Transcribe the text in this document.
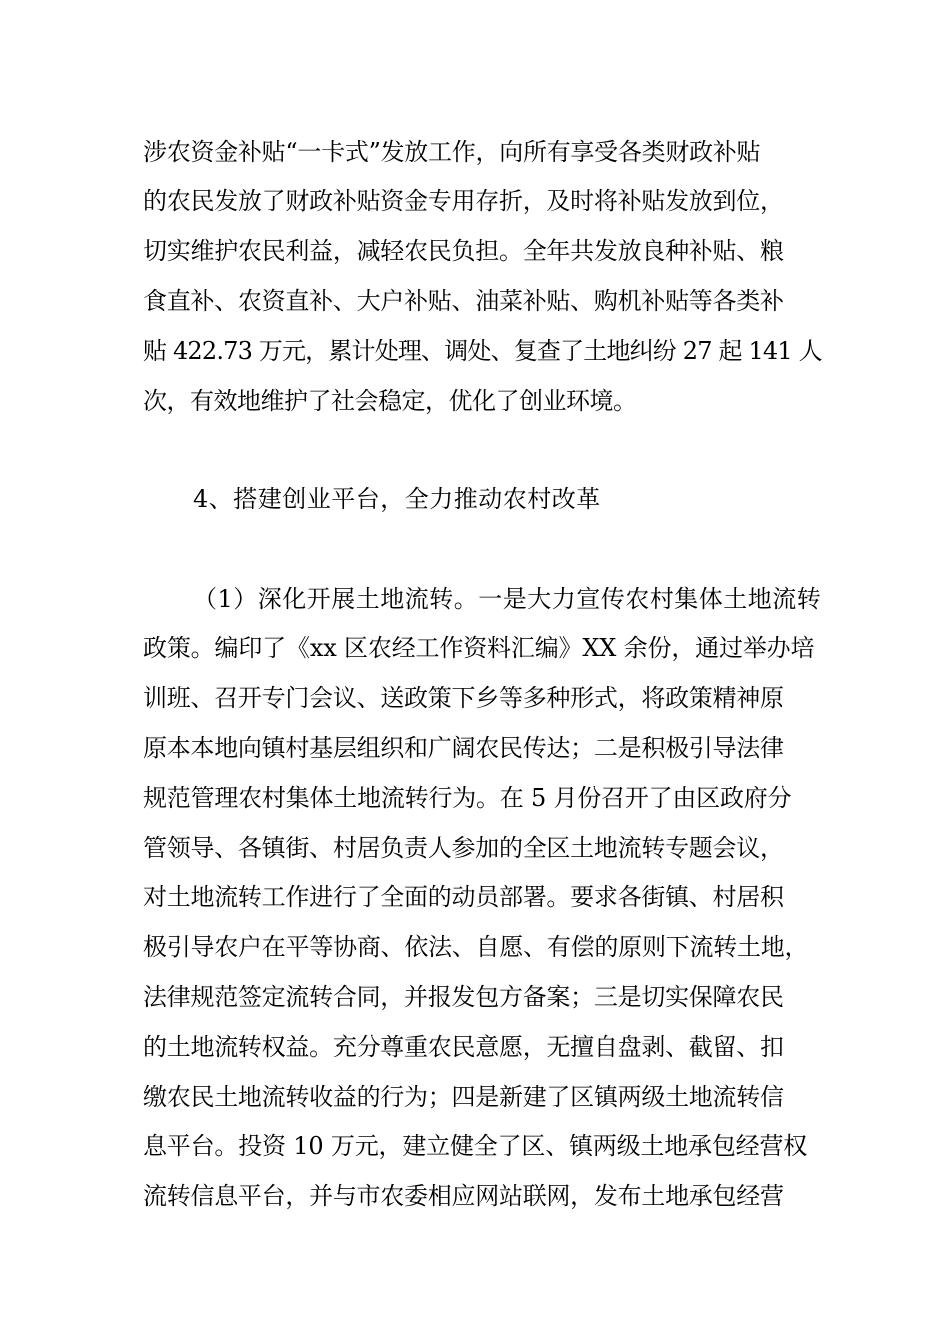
涉农资金补贴“一卡式”发放工作，向所有享受各类财政补贴
的农民发放了财政补贴资金专用存折，及时将补贴发放到位，
切实维护农民利益，减轻农民负担。全年共发放良种补贴、粮
食直补、农资直补、大户补贴、油菜补贴、购机补贴等各类补
贴 422.73 万元，累计处理、调处、复查了土地纠纷 27 起 141 人
次，有效地维护了社会稳定，优化了创业环境。
4、搭建创业平台，全力推动农村改革
（1）深化开展土地流转。一是大力宣传农村集体土地流转
政策。编印了《xx 区农经工作资料汇编》XX 余份，通过举办培
训班、召开专门会议、送政策下乡等多种形式，将政策精神原
原本本地向镇村基层组织和广阔农民传达；二是积极引导法律
规范管理农村集体土地流转行为。在 5 月份召开了由区政府分
管领导、各镇街、村居负责人参加的全区土地流转专题会议，
对土地流转工作进行了全面的动员部署。要求各街镇、村居积
极引导农户在平等协商、依法、自愿、有偿的原则下流转土地，
法律规范签定流转合同，并报发包方备案；三是切实保障农民
的土地流转权益。充分尊重农民意愿，无擅自盘剥、截留、扣
缴农民土地流转收益的行为；四是新建了区镇两级土地流转信
息平台。投资 10 万元，建立健全了区、镇两级土地承包经营权
流转信息平台，并与市农委相应网站联网，发布土地承包经营
